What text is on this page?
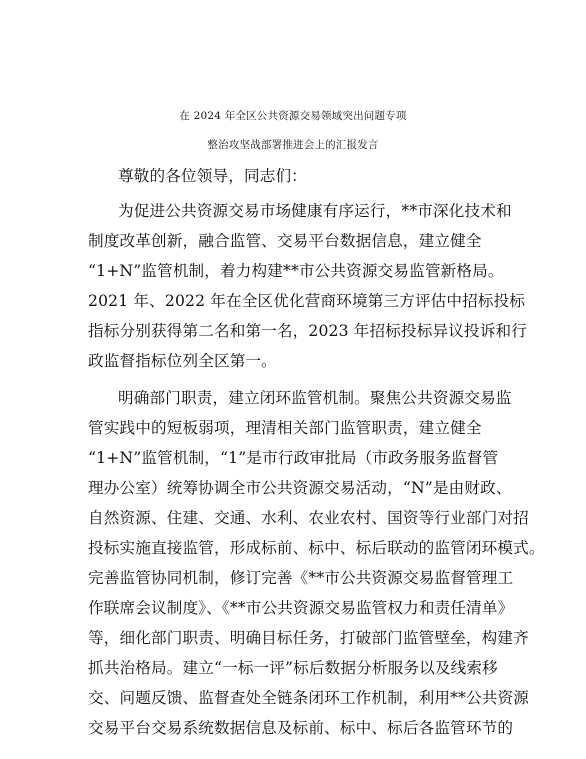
在 2024 年全区公共资源交易领域突出问题专项
整治攻坚战部署推进会上的汇报发言
尊敬的各位领导，同志们：
为促进公共资源交易市场健康有序运行，**市深化技术和
制度改革创新，融合监管、交易平台数据信息，建立健全
“1+N”监管机制，着力构建**市公共资源交易监管新格局。
2021 年、2022 年在全区优化营商环境第三方评估中招标投标
指标分别获得第二名和第一名，2023 年招标投标异议投诉和行
政监督指标位列全区第一。
明确部门职责，建立闭环监管机制。聚焦公共资源交易监
管实践中的短板弱项，理清相关部门监管职责，建立健全
“1+N”监管机制，“1”是市行政审批局（市政务服务监督管
理办公室）统筹协调全市公共资源交易活动，“N”是由财政、
自然资源、住建、交通、水利、农业农村、国资等行业部门对招
投标实施直接监管，形成标前、标中、标后联动的监管闭环模式。
完善监管协同机制，修订完善《**市公共资源交易监督管理工
作联席会议制度》、《**市公共资源交易监管权力和责任清单》
等，细化部门职责、明确目标任务，打破部门监管壁垒，构建齐
抓共治格局。建立“一标一评”标后数据分析服务以及线索移
交、问题反馈、监督查处全链条闭环工作机制，利用**公共资源
交易平台交易系统数据信息及标前、标中、标后各监管环节的
